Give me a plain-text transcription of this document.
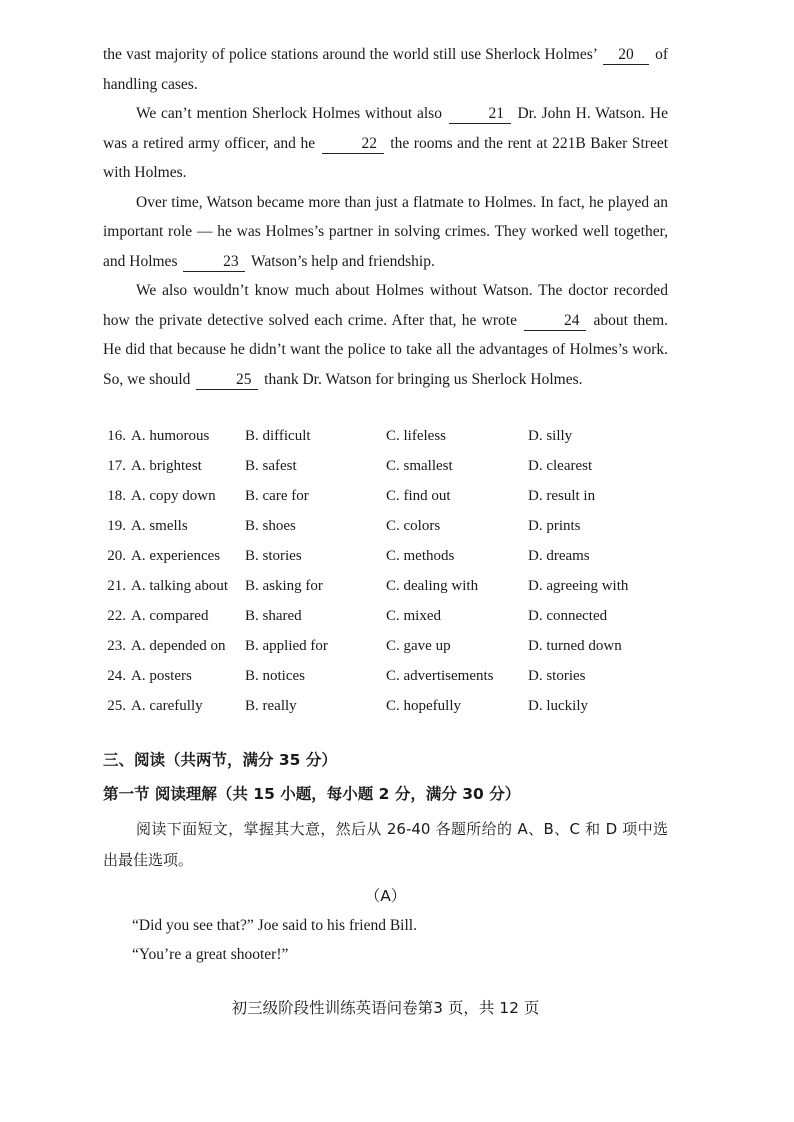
the vast majority of police stations around the world still use Sherlock Holmes’ 20 of handling cases.

We can’t mention Sherlock Holmes without also	21 Dr. John H. Watson. He was a retired army officer, and he	22 the rooms and the rent at 221B Baker Street with Holmes.

Over time, Watson became more than just a flatmate to Holmes. In fact, he played an important role — he was Holmes’s partner in solving crimes. They worked well together, and Holmes	23 Watson’s help and friendship.

We also wouldn’t know much about Holmes without Watson. The doctor recorded how the private detective solved each crime. After that, he wrote	24 about them. He did that because he didn’t want the police to take all the advantages of Holmes’s work. So, we should	25 thank Dr. Watson for bringing us Sherlock Holmes.

16. A. humorous B. difficult	C. lifeless	D. silly
17. A. brightest	B. safest	C. smallest	D. clearest
18. A. copy down B. care for	C. find out	D. result in
19. A. smells	B. shoes	C. colors	D. prints
20. A. experiences B. stories	C. methods	D. dreams
21. A. talking about B. asking for	C. dealing with	D. agreeing with
22. A. compared B. shared	C. mixed	D. connected
23. A. depended on B. applied for	C. gave up	D. turned down
24. A. posters	B. notices	C. advertisements D. stories
25. A. carefully	B. really	C. hopefully	D. luckily
三、阅读（共两节，满分 35 分）
第一节 阅读理解（共 15 小题，每小题 2 分，满分 30 分）

阅读下面短文，掌握其大意，然后从 26-40 各题所给的 A、B、C 和 D 项中选出最佳选项。

（A）
“Did you see that?” Joe said to his friend Bill.
“You’re a great shooter!”
初三级阶段性训练英语问卷第3 页，共 12 页
